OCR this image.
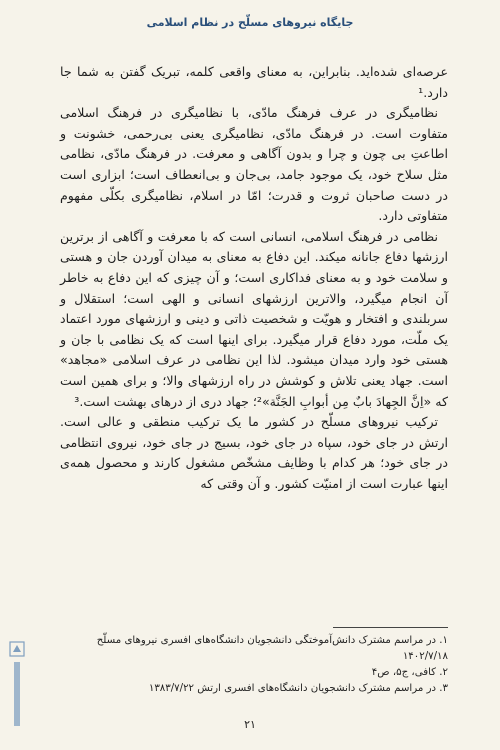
جایگاه نیروهای مسلّح در نظام اسلامی

عرصه‌ای شده‌اید. بنابراین، به معنای واقعی کلمه، تبریک گفتن به شما جا دارد.¹

نظامیگری در عرف فرهنگ مادّی، با نظامیگری در فرهنگ اسلامی متفاوت است. در فرهنگ مادّی، نظامیگری یعنی بی‌رحمی، خشونت و اطاعتِ بی چون و چرا و بدون آگاهی و معرفت. در فرهنگ مادّی، نظامی مثل سلاح خود، یک موجود جامد، بی‌جان و بی‌انعطاف است؛ ابزاری است در دست صاحبان ثروت و قدرت؛ امّا در اسلام، نظامیگری بکلّی مفهوم متفاوتی دارد.

نظامی در فرهنگ اسلامی، انسانی است که با معرفت و آگاهی از برترین ارزشها دفاع جانانه میکند. این دفاع به معنای به میدان آوردن جان و هستی و سلامت خود و به معنای فداکاری است؛ و آن چیزی که این دفاع به خاطر آن انجام میگیرد، والاترین ارزشهای انسانی و الهی است؛ استقلال و سربلندی و افتخار و هویّت و شخصیت ذاتی و دینی و ارزشهای مورد اعتماد یک ملّت، مورد دفاع قرار میگیرد. برای اینها است که یک نظامی با جان و هستی خود وارد میدان میشود. لذا این نظامی در عرف اسلامی «مجاهد» است. جهاد یعنی تلاش و کوشش در راه ارزشهای والا؛ و برای همین است که «اِنَّ الجِهادَ بابٌ مِن أبوابِ الجَنَّة»²؛ جهاد دری از درهای بهشت است.³

ترکیب نیروهای مسلّح در کشور ما یک ترکیب منطقی و عالی است. ارتش در جای خود، سپاه در جای خود، بسیج در جای خود، نیروی انتظامی در جای خود؛ هر کدام با وظایف مشخّص مشغول کارند و محصول همه‌ی اینها عبارت است از امنیّت کشور. و آن وقتی که

۱. در مراسم مشترک دانش‌آموختگی دانشجویان دانشگاه‌های افسری نیروهای مسلّح ۱۴۰۲/۷/۱۸
۲. کافی، ج۵، ص۴
۳. در مراسم مشترک دانشجویان دانشگاه‌های افسری ارتش ۱۳۸۳/۷/۲۲
۲۱
